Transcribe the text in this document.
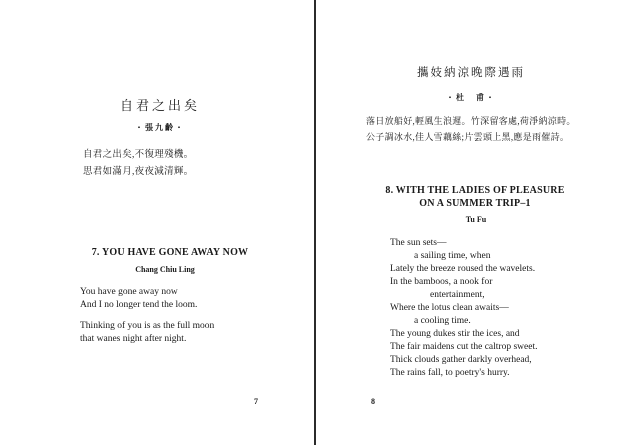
自君之出矣
・張九齡・
自君之出矣,不復理殘機。
思君如滿月,夜夜減清輝。
7. YOU HAVE GONE AWAY NOW
Chang Chiu Ling
You have gone away now
And I no longer tend the loom.
Thinking of you is as the full moon
that wanes night after night.
7
攜妓納涼晚際遇雨
・杜　甫・
落日放船好,輕風生浪遲。竹深留客處,荷淨納涼時。
公子調冰水,佳人雪藕絲;片雲頭上黑,應是雨催詩。
8. WITH THE LADIES OF PLEASURE
ON A SUMMER TRIP–1
Tu Fu
The sun sets—
a sailing time, when
Lately the breeze roused the wavelets.
In the bamboos, a nook for
entertainment,
Where the lotus clean awaits—
a cooling time.
The young dukes stir the ices, and
The fair maidens cut the caltrop sweet.
Thick clouds gather darkly overhead,
The rains fall, to poetry's hurry.
8
